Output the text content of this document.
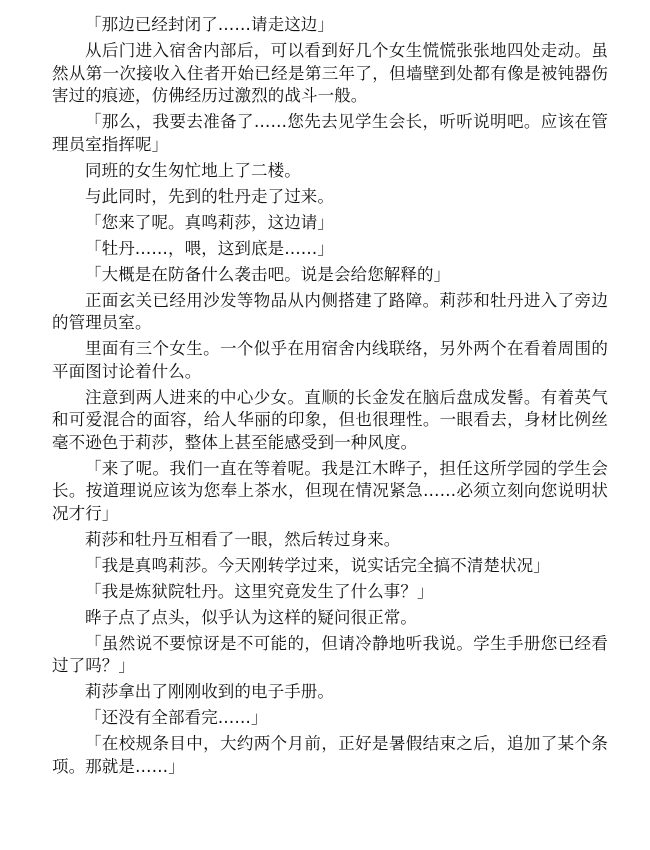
「那边已经封闭了……请走这边」

从后门进入宿舍内部后，可以看到好几个女生慌慌张张地四处走动。虽然从第一次接收入住者开始已经是第三年了，但墙壁到处都有像是被钝器伤害过的痕迹，仿佛经历过激烈的战斗一般。

「那么，我要去准备了……您先去见学生会长，听听说明吧。应该在管理员室指挥呢」

同班的女生匆忙地上了二楼。

与此同时，先到的牡丹走了过来。

「您来了呢。真鸣莉莎，这边请」

「牡丹……，喂，这到底是……」

「大概是在防备什么袭击吧。说是会给您解释的」

正面玄关已经用沙发等物品从内侧搭建了路障。莉莎和牡丹进入了旁边的管理员室。

里面有三个女生。一个似乎在用宿舍内线联络，另外两个在看着周围的平面图讨论着什么。

注意到两人进来的中心少女。直顺的长金发在脑后盘成发髻。有着英气和可爱混合的面容，给人华丽的印象，但也很理性。一眼看去，身材比例丝毫不逊色于莉莎，整体上甚至能感受到一种风度。

「来了呢。我们一直在等着呢。我是江木晔子，担任这所学园的学生会长。按道理说应该为您奉上茶水，但现在情况紧急……必须立刻向您说明状况才行」

莉莎和牡丹互相看了一眼，然后转过身来。

「我是真鸣莉莎。今天刚转学过来，说实话完全搞不清楚状况」

「我是炼狱院牡丹。这里究竟发生了什么事？」

晔子点了点头，似乎认为这样的疑问很正常。

「虽然说不要惊讶是不可能的，但请冷静地听我说。学生手册您已经看过了吗？」

莉莎拿出了刚刚收到的电子手册。

「还没有全部看完……」

「在校规条目中，大约两个月前，正好是暑假结束之后，追加了某个条项。那就是……」
